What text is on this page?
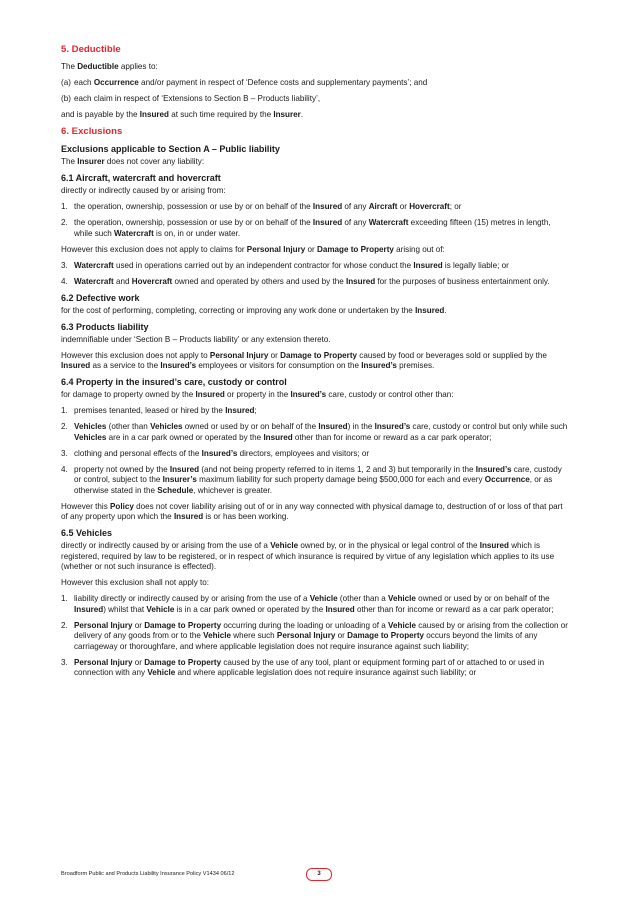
5. Deductible

The Deductible applies to:

(a) each Occurrence and/or payment in respect of ‘Defence costs and supplementary payments’; and
(b) each claim in respect of ‘Extensions to Section B – Products liability’,

and is payable by the Insured at such time required by the Insurer.

6. Exclusions
Exclusions applicable to Section A – Public liability

The Insurer does not cover any liability:

6.1 Aircraft, watercraft and hovercraft

directly or indirectly caused by or arising from:

1. the operation, ownership, possession or use by or on behalf of the Insured of any Aircraft or Hovercraft; or
2. the operation, ownership, possession or use by or on behalf of the Insured of any Watercraft exceeding fifteen (15) metres in length, while such Watercraft is on, in or under water.

However this exclusion does not apply to claims for Personal Injury or Damage to Property arising out of:

3. Watercraft used in operations carried out by an independent contractor for whose conduct the Insured is legally liable; or
4. Watercraft and Hovercraft owned and operated by others and used by the Insured for the purposes of business entertainment only.
6.2 Defective work

for the cost of performing, completing, correcting or improving any work done or undertaken by the Insured.

6.3 Products liability

indemnifiable under ‘Section B – Products liability’ or any extension thereto.

However this exclusion does not apply to Personal Injury or Damage to Property caused by food or beverages sold or supplied by the Insured as a service to the Insured’s employees or visitors for consumption on the Insured’s premises.

6.4 Property in the insured’s care, custody or control

for damage to property owned by the Insured or property in the Insured’s care, custody or control other than:

1. premises tenanted, leased or hired by the Insured;
2. Vehicles (other than Vehicles owned or used by or on behalf of the Insured) in the Insured’s care, custody or control but only while such Vehicles are in a car park owned or operated by the Insured other than for income or reward as a car park operator;
3. clothing and personal effects of the Insured’s directors, employees and visitors; or
4. property not owned by the Insured (and not being property referred to in items 1, 2 and 3) but temporarily in the Insured’s care, custody or control, subject to the Insurer’s maximum liability for such property damage being $500,000 for each and every Occurrence, or as otherwise stated in the Schedule, whichever is greater.

However this Policy does not cover liability arising out of or in any way connected with physical damage to, destruction of or loss of that part of any property upon which the Insured is or has been working.

6.5 Vehicles

directly or indirectly caused by or arising from the use of a Vehicle owned by, or in the physical or legal control of the Insured which is registered, required by law to be registered, or in respect of which insurance is required by virtue of any legislation which applies to its use (whether or not such insurance is effected).

However this exclusion shall not apply to:

1. liability directly or indirectly caused by or arising from the use of a Vehicle (other than a Vehicle owned or used by or on behalf of the Insured) whilst that Vehicle is in a car park owned or operated by the Insured other than for income or reward as a car park operator;
2. Personal Injury or Damage to Property occurring during the loading or unloading of a Vehicle caused by or arising from the collection or delivery of any goods from or to the Vehicle where such Personal Injury or Damage to Property occurs beyond the limits of any carriageway or thoroughfare, and where applicable legislation does not require insurance against such liability;
3. Personal Injury or Damage to Property caused by the use of any tool, plant or equipment forming part of or attached to or used in connection with any Vehicle and where applicable legislation does not require insurance against such liability; or
Broadform Public and Products Liability Insurance Policy V1434 06/12	3
